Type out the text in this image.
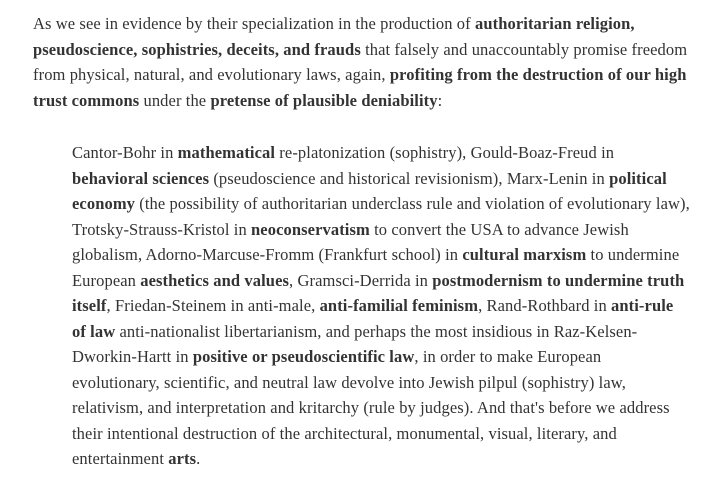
As we see in evidence by their specialization in the production of authoritarian religion, pseudoscience, sophistries, deceits, and frauds that falsely and unaccountably promise freedom from physical, natural, and evolutionary laws, again, profiting from the destruction of our high trust commons under the pretense of plausible deniability:

Cantor-Bohr in mathematical re-platonization (sophistry), Gould-Boaz-Freud in behavioral sciences (pseudoscience and historical revisionism), Marx-Lenin in political economy (the possibility of authoritarian underclass rule and violation of evolutionary law), Trotsky-Strauss-Kristol in neoconservatism to convert the USA to advance Jewish globalism, Adorno-Marcuse-Fromm (Frankfurt school) in cultural marxism to undermine European aesthetics and values, Gramsci-Derrida in postmodernism to undermine truth itself, Friedan-Steinem in anti-male, anti-familial feminism, Rand-Rothbard in anti-rule of law anti-nationalist libertarianism, and perhaps the most insidious in Raz-Kelsen-Dworkin-Hartt in positive or pseudoscientific law, in order to make European evolutionary, scientific, and neutral law devolve into Jewish pilpul (sophistry) law, relativism, and interpretation and kritarchy (rule by judges). And that's before we address their intentional destruction of the architectural, monumental, visual, literary, and entertainment arts.
